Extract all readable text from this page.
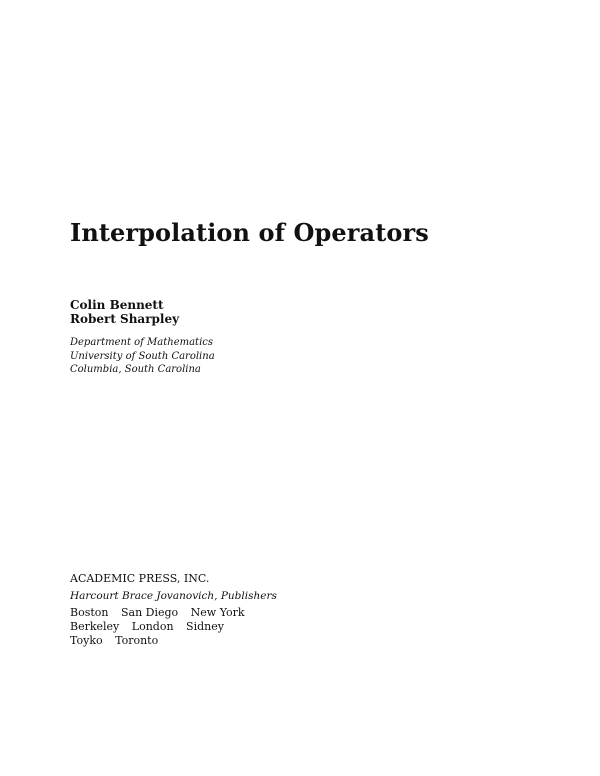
Interpolation of Operators
Colin Bennett
Robert Sharpley
Department of Mathematics
University of South Carolina
Columbia, South Carolina
ACADEMIC PRESS, INC.
Harcourt Brace Jovanovich, Publishers
Boston San Diego New York
Berkeley London Sidney
Toyko Toronto
